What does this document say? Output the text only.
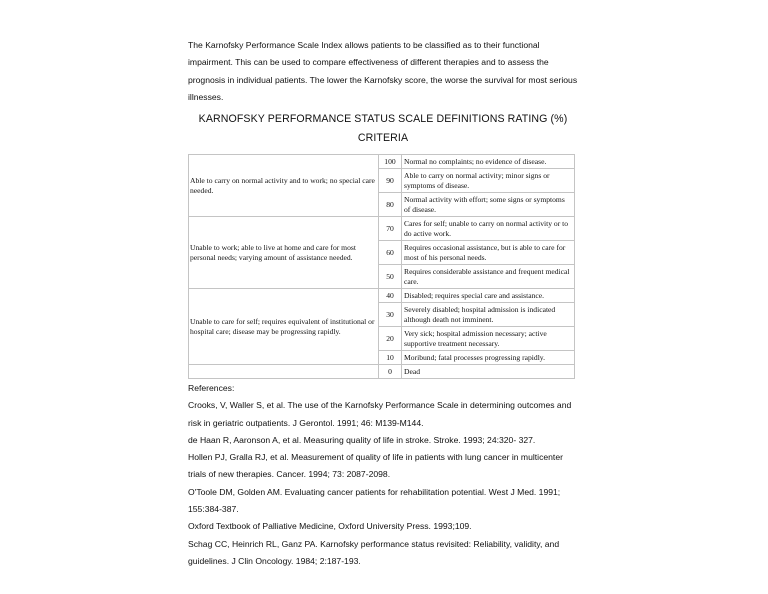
The Karnofsky Performance Scale Index allows patients to be classified as to their functional impairment. This can be used to compare effectiveness of different therapies and to assess the prognosis in individual patients. The lower the Karnofsky score, the worse the survival for most serious illnesses.
KARNOFSKY PERFORMANCE STATUS SCALE DEFINITIONS RATING (%)
CRITERIA
Able to carry on normal activity and to work; no special care needed.	100	Normal no complaints; no evidence of disease.
	90	Able to carry on normal activity; minor signs or symptoms of disease.
	80	Normal activity with effort; some signs or symptoms of disease.
Unable to work; able to live at home and care for most personal needs; varying amount of assistance needed.	70	Cares for self; unable to carry on normal activity or to do active work.
	60	Requires occasional assistance, but is able to care for most of his personal needs.
	50	Requires considerable assistance and frequent medical care.
Unable to care for self; requires equivalent of institutional or hospital care; disease may be progressing rapidly.	40	Disabled; requires special care and assistance.
	30	Severely disabled; hospital admission is indicated although death not imminent.
	20	Very sick; hospital admission necessary; active supportive treatment necessary.
	10	Moribund; fatal processes progressing rapidly.
	0	Dead
References:
Crooks, V, Waller S, et al. The use of the Karnofsky Performance Scale in determining outcomes and risk in geriatric outpatients. J Gerontol. 1991; 46: M139-M144.
de Haan R, Aaronson A, et al. Measuring quality of life in stroke. Stroke. 1993; 24:320- 327.
Hollen PJ, Gralla RJ, et al. Measurement of quality of life in patients with lung cancer in multicenter trials of new therapies. Cancer. 1994; 73: 2087-2098.
O'Toole DM, Golden AM. Evaluating cancer patients for rehabilitation potential. West J Med. 1991; 155:384-387.
Oxford Textbook of Palliative Medicine, Oxford University Press. 1993;109.
Schag CC, Heinrich RL, Ganz PA. Karnofsky performance status revisited: Reliability, validity, and guidelines. J Clin Oncology. 1984; 2:187-193.
